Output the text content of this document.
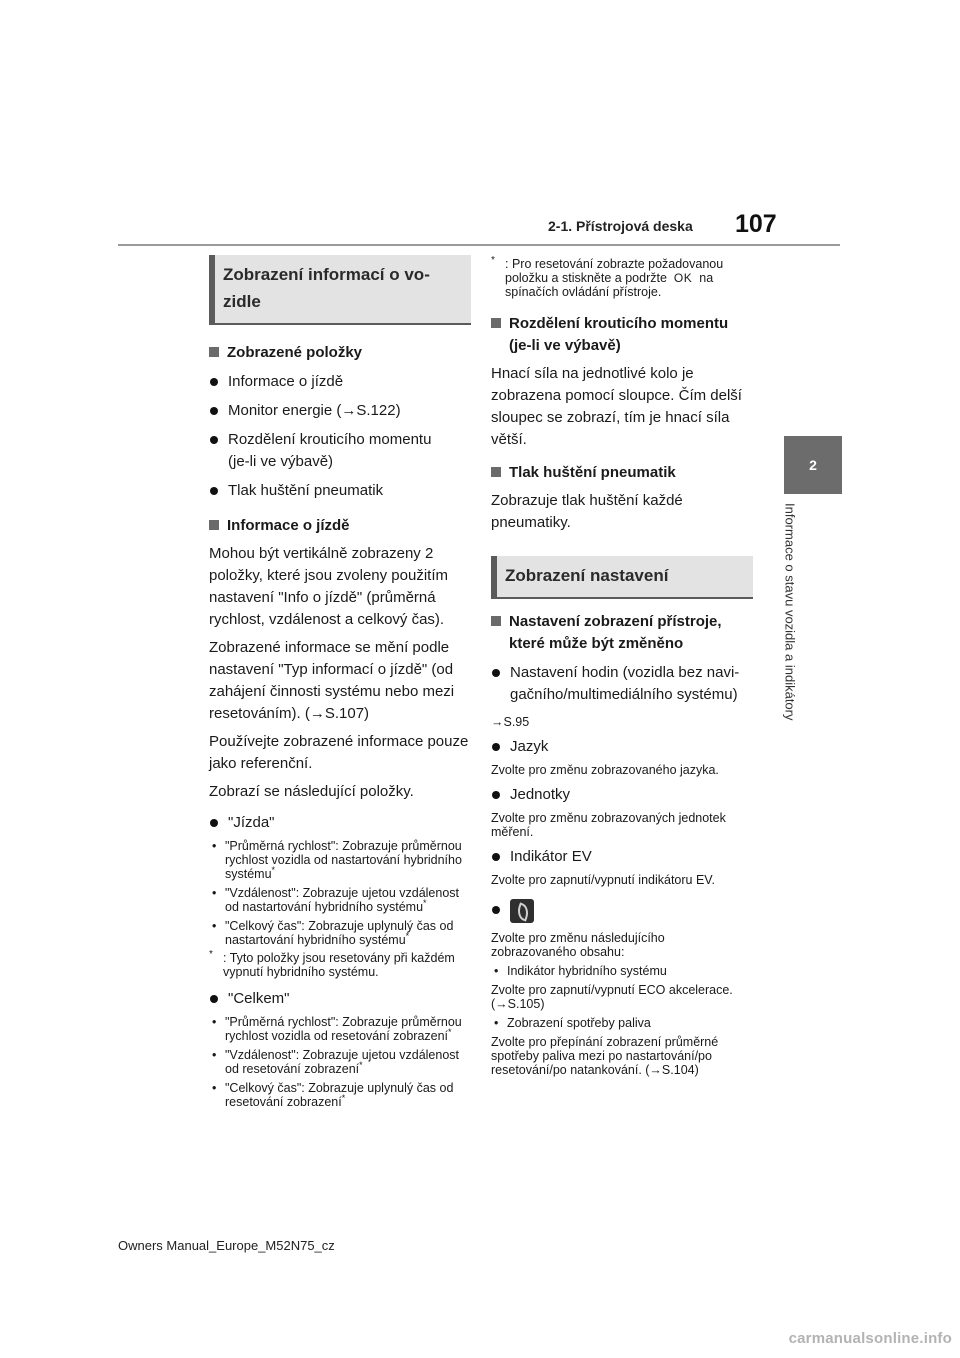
2-1. Přístrojová deska 107
2
Informace o stavu vozidla a indikátory
Zobrazení informací o vo-
zidle
Zobrazené položky
Informace o jízdě
Monitor energie (→S.122)
Rozdělení krouticího momentu
(je-li ve výbavě)
Tlak huštění pneumatik
Informace o jízdě
Mohou být vertikálně zobrazeny 2 položky, které jsou zvoleny použitím nastavení "Info o jízdě" (průměrná rychlost, vzdálenost a celkový čas).
Zobrazené informace se mění podle nastavení "Typ informací o jízdě" (od zahájení činnosti systému nebo mezi resetováním). (→S.107)
Používejte zobrazené informace pouze jako referenční.
Zobrazí se následující položky.
"Jízda"
• "Průměrná rychlost": Zobrazuje průměrnou rychlost vozidla od nastartování hybridního systému*
• "Vzdálenost": Zobrazuje ujetou vzdálenost od nastartování hybridního systému*
• "Celkový čas": Zobrazuje uplynulý čas od nastartování hybridního systému*
* : Tyto položky jsou resetovány při každém vypnutí hybridního systému.
"Celkem"
• "Průměrná rychlost": Zobrazuje průměrnou rychlost vozidla od resetování zobrazení*
• "Vzdálenost": Zobrazuje ujetou vzdálenost od resetování zobrazení*
• "Celkový čas": Zobrazuje uplynulý čas od resetování zobrazení*
* : Pro resetování zobrazte požadovanou položku a stiskněte a podržte OK na spínačích ovládání přístroje.
Rozdělení krouticího momentu
(je-li ve výbavě)
Hnací síla na jednotlivé kolo je zobrazena pomocí sloupce. Čím delší sloupec se zobrazí, tím je hnací síla větší.
Tlak huštění pneumatik
Zobrazuje tlak huštění každé pneumatiky.
Zobrazení nastavení
Nastavení zobrazení přístroje,
které může být změněno
Nastavení hodin (vozidla bez navi-
gačního/multimediálního systému)
→S.95
Jazyk
Zvolte pro změnu zobrazovaného jazyka.
Jednotky
Zvolte pro změnu zobrazovaných jednotek měření.
Indikátor EV
Zvolte pro zapnutí/vypnutí indikátoru EV.
Zvolte pro změnu následujícího zobrazovaného obsahu:
• Indikátor hybridního systému
Zvolte pro zapnutí/vypnutí ECO akcelerace. (→S.105)
• Zobrazení spotřeby paliva
Zvolte pro přepínání zobrazení průměrné spotřeby paliva mezi po nastartování/po resetování/po natankování. (→S.104)
Owners Manual_Europe_M52N75_cz
carmanualsonline.info
